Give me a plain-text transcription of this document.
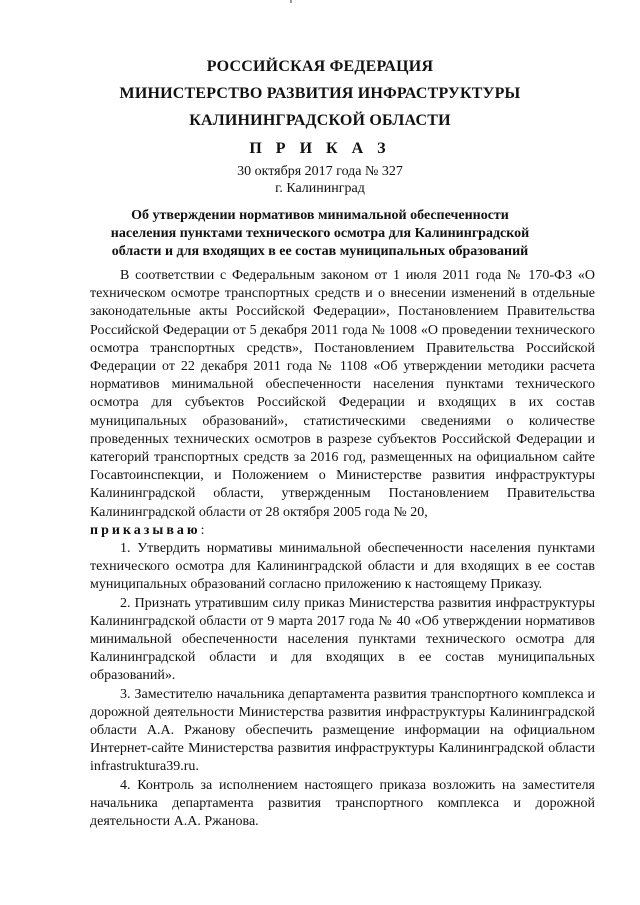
РОССИЙСКАЯ ФЕДЕРАЦИЯ
МИНИСТЕРСТВО РАЗВИТИЯ ИНФРАСТРУКТУРЫ
КАЛИНИНГРАДСКОЙ ОБЛАСТИ
П Р И К А З
30 октября 2017 года № 327
г. Калининград
Об утверждении нормативов минимальной обеспеченности
населения пунктами технического осмотра для Калининградской
области и для входящих в ее состав муниципальных образований

В соответствии с Федеральным законом от 1 июля 2011 года № 170-ФЗ «О техническом осмотре транспортных средств и о внесении изменений в отдельные законодательные акты Российской Федерации», Постановлением Правительства Российской Федерации от 5 декабря 2011 года № 1008 «О проведении технического осмотра транспортных средств», Постановлением Правительства Российской Федерации от 22 декабря 2011 года № 1108 «Об утверждении методики расчета нормативов минимальной обеспеченности населения пунктами технического осмотра для субъектов Российской Федерации и входящих в их состав муниципальных образований», статистическими сведениями о количестве проведенных технических осмотров в разрезе субъектов Российской Федерации и категорий транспортных средств за 2016 год, размещенных на официальном сайте Госавтоинспекции, и Положением о Министерстве развития инфраструктуры Калининградской области, утвержденным Постановлением Правительства Калининградской области от 28 октября 2005 года № 20,
приказываю:

1. Утвердить нормативы минимальной обеспеченности населения пунктами технического осмотра для Калининградской области и для входящих в ее состав муниципальных образований согласно приложению к настоящему Приказу.

2. Признать утратившим силу приказ Министерства развития инфраструктуры Калининградской области от 9 марта 2017 года № 40 «Об утверждении нормативов минимальной обеспеченности населения пунктами технического осмотра для Калининградской области и для входящих в ее состав муниципальных образований».

3. Заместителю начальника департамента развития транспортного комплекса и дорожной деятельности Министерства развития инфраструктуры Калининградской области А.А. Ржанову обеспечить размещение информации на официальном Интернет-сайте Министерства развития инфраструктуры Калининградской области infrastruktura39.ru.

4. Контроль за исполнением настоящего приказа возложить на заместителя начальника департамента развития транспортного комплекса и дорожной деятельности А.А. Ржанова.
